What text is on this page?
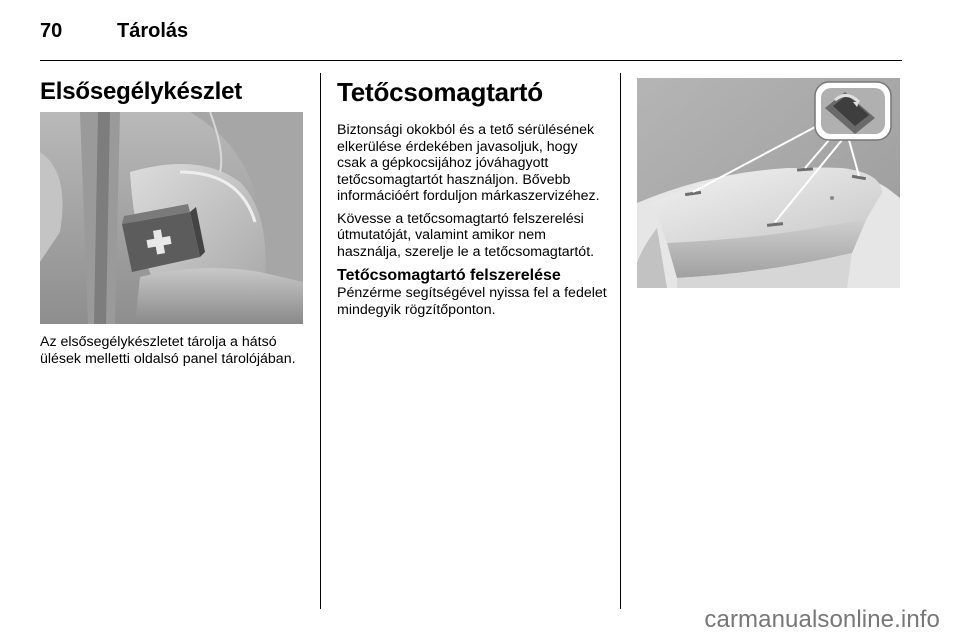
70	Tárolás
Elsősegélykészlet

Az elsősegélykészletet tárolja a hátsó ülések melletti oldalsó panel tárolójában.

Tetőcsomagtartó

Biztonsági okokból és a tető sérülésének elkerülése érdekében javasoljuk, hogy csak a gépkocsijához jóváhagyott tetőcsomagtartót használjon. Bővebb információért forduljon márkaszervizéhez.

Kövesse a tetőcsomagtartó felszerelési útmutatóját, valamint amikor nem használja, szerelje le a tetőcsomagtartót.

Tetőcsomagtartó felszerelése

Pénzérme segítségével nyissa fel a fedelet mindegyik rögzítőponton.

carmanualsonline.info
